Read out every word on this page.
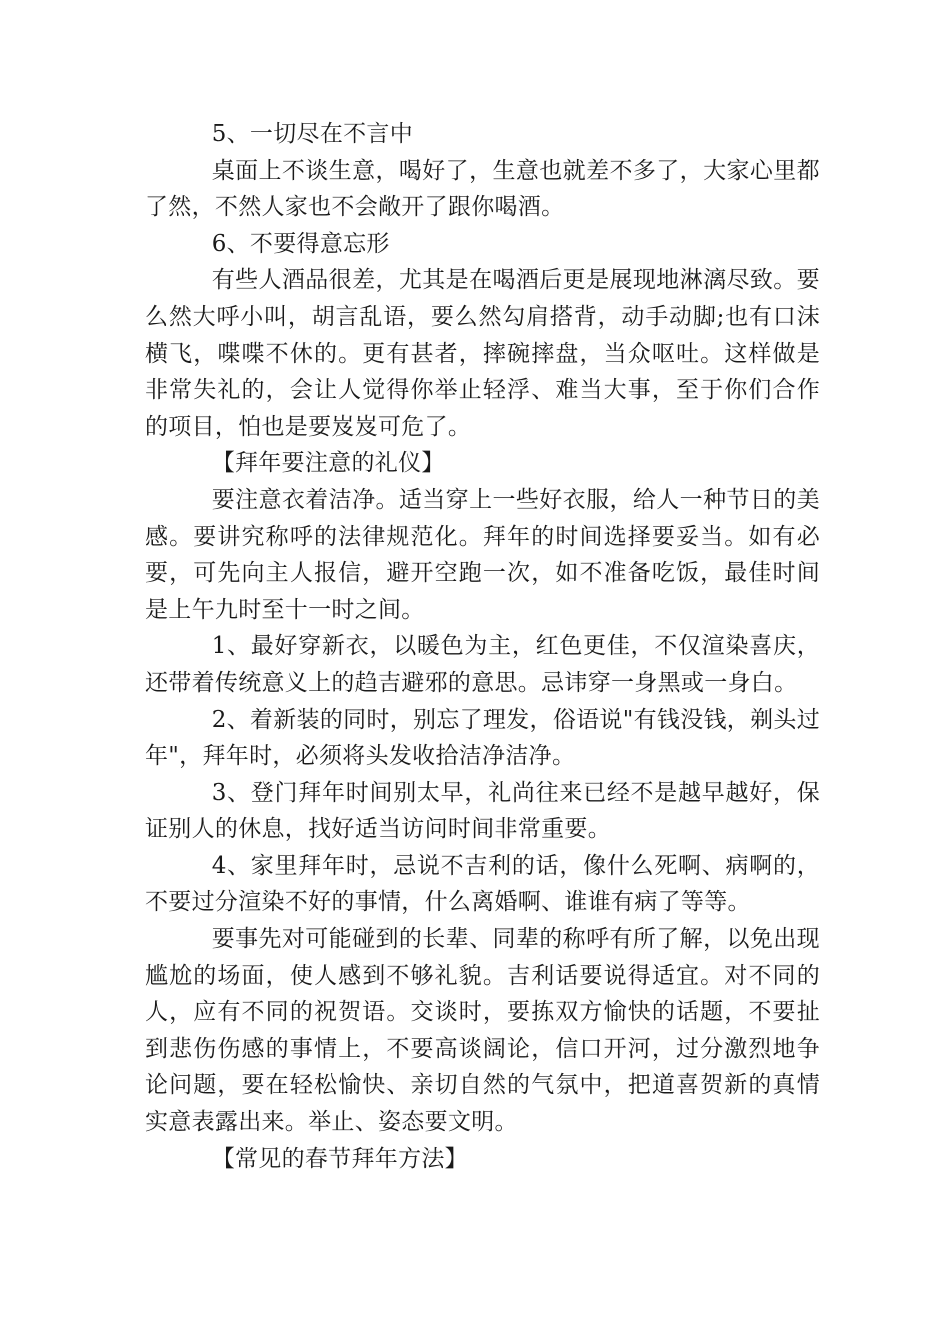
5、一切尽在不言中

桌面上不谈生意，喝好了，生意也就差不多了，大家心里都了然，不然人家也不会敞开了跟你喝酒。

6、不要得意忘形

有些人酒品很差，尤其是在喝酒后更是展现地淋漓尽致。要么然大呼小叫，胡言乱语，要么然勾肩搭背，动手动脚;也有口沫横飞，喋喋不休的。更有甚者，摔碗摔盘，当众呕吐。这样做是非常失礼的，会让人觉得你举止轻浮、难当大事，至于你们合作的项目，怕也是要岌岌可危了。

【拜年要注意的礼仪】

要注意衣着洁净。适当穿上一些好衣服，给人一种节日的美感。要讲究称呼的法律规范化。拜年的时间选择要妥当。如有必要，可先向主人报信，避开空跑一次，如不准备吃饭，最佳时间是上午九时至十一时之间。

1、最好穿新衣，以暖色为主，红色更佳，不仅渲染喜庆，还带着传统意义上的趋吉避邪的意思。忌讳穿一身黑或一身白。

2、着新装的同时，别忘了理发，俗语说"有钱没钱，剃头过年"，拜年时，必须将头发收拾洁净洁净。

3、登门拜年时间别太早，礼尚往来已经不是越早越好，保证别人的休息，找好适当访问时间非常重要。

4、家里拜年时，忌说不吉利的话，像什么死啊、病啊的，不要过分渲染不好的事情，什么离婚啊、谁谁有病了等等。

要事先对可能碰到的长辈、同辈的称呼有所了解，以免出现尴尬的场面，使人感到不够礼貌。吉利话要说得适宜。对不同的人，应有不同的祝贺语。交谈时，要拣双方愉快的话题，不要扯到悲伤伤感的事情上，不要高谈阔论，信口开河，过分激烈地争论问题，要在轻松愉快、亲切自然的气氛中，把道喜贺新的真情实意表露出来。举止、姿态要文明。

【常见的春节拜年方法】
